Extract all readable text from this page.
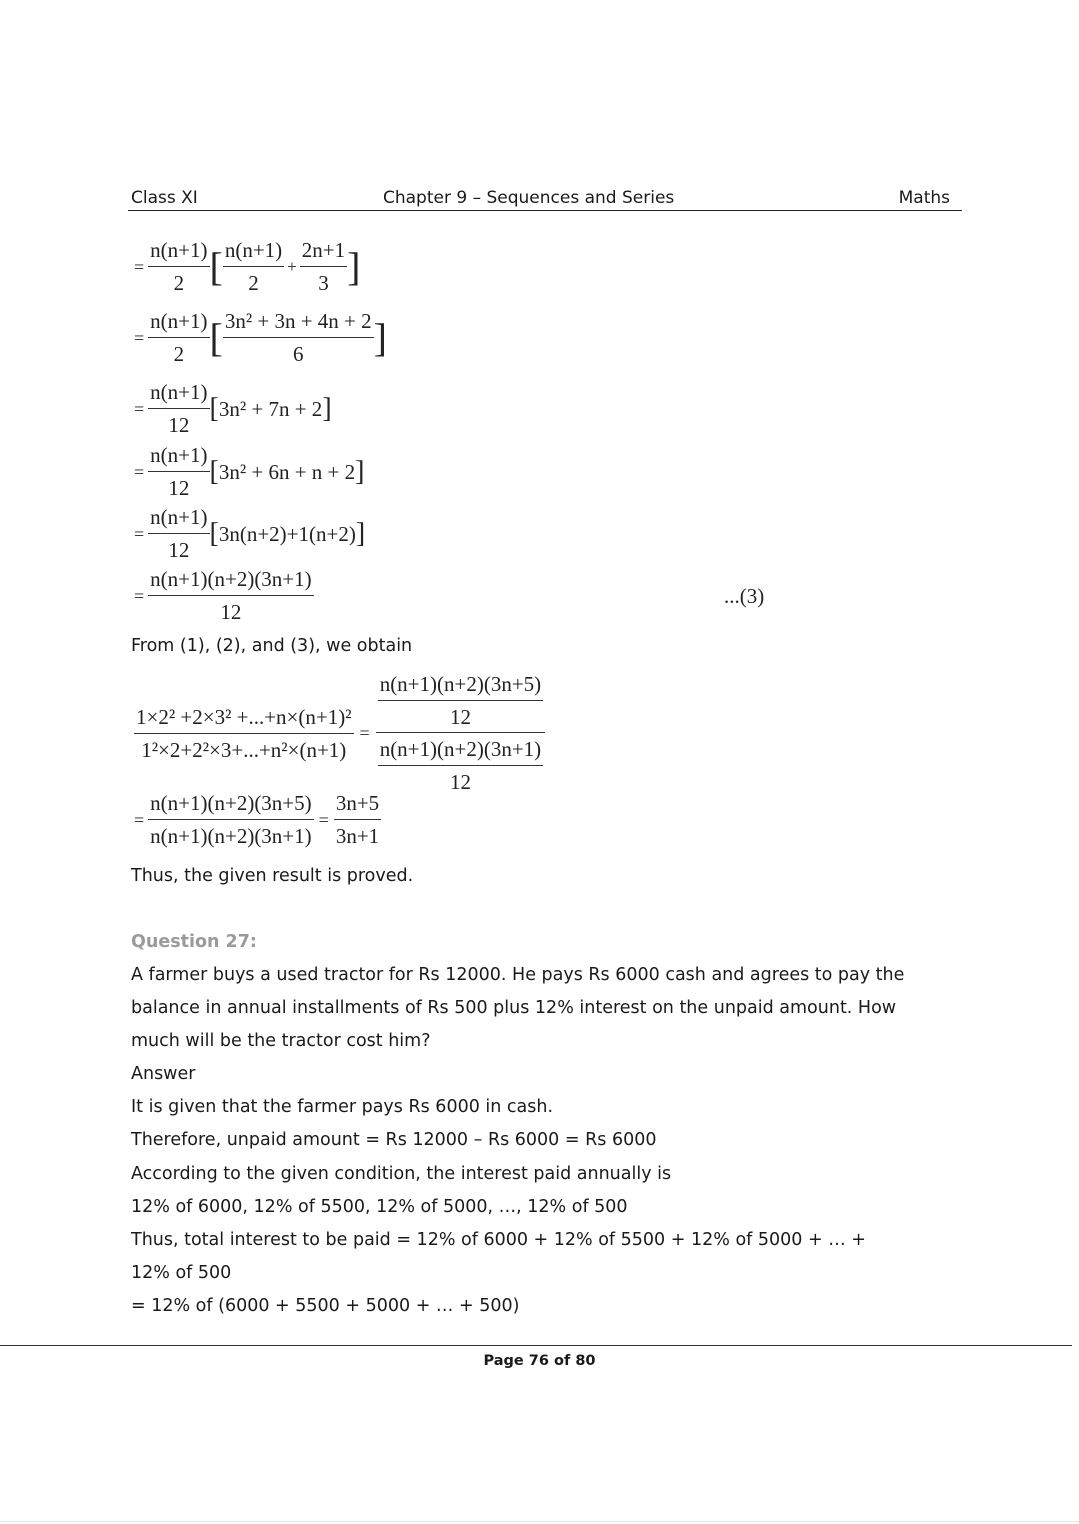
Class XI	Chapter 9 – Sequences and Series	Maths
= $\frac{n(n+1)}{2}$ [ $\frac{n(n+1)}{2} + \frac{2n+1}{3}$ ]
= $\frac{n(n+1)}{2}$ [ $\frac{\text{3n² + 3n + 4n + 2}}{6}$ ]
= $\frac{n(n+1)}{12}$ [ 3n² + 7n + 2 ]
= $\frac{n(n+1)}{12}$ [ 3n² + 6n + n + 2 ]
= $\frac{n(n+1)}{12}$ [ 3n(n+2)+1(n+2) ]
= $\frac{n(n+1)(n+2)(3n+1)}{12}$	...(3)
From (1), (2), and (3), we obtain
$\frac{\text{1×2² +2×3² +...+n×(n+1)²}}{\text{1²×2+2²×3+...+n²×(n+1)}} = \frac{\frac{n(n+1)(n+2)(3n+5)}{12}}{\frac{n(n+1)(n+2)(3n+1)}{12}}$
= $\frac{n(n+1)(n+2)(3n+5)}{n(n+1)(n+2)(3n+1)} = \frac{3n+5}{3n+1}$
Thus, the given result is proved.
Question 27:
A farmer buys a used tractor for Rs 12000. He pays Rs 6000 cash and agrees to pay the
balance in annual installments of Rs 500 plus 12% interest on the unpaid amount. How
much will be the tractor cost him?
Answer
It is given that the farmer pays Rs 6000 in cash.
Therefore, unpaid amount = Rs 12000 – Rs 6000 = Rs 6000
According to the given condition, the interest paid annually is
12% of 6000, 12% of 5500, 12% of 5000, …, 12% of 500
Thus, total interest to be paid = 12% of 6000 + 12% of 5500 + 12% of 5000 + … +
12% of 500
= 12% of (6000 + 5500 + 5000 + … + 500)
Page 76 of 80
